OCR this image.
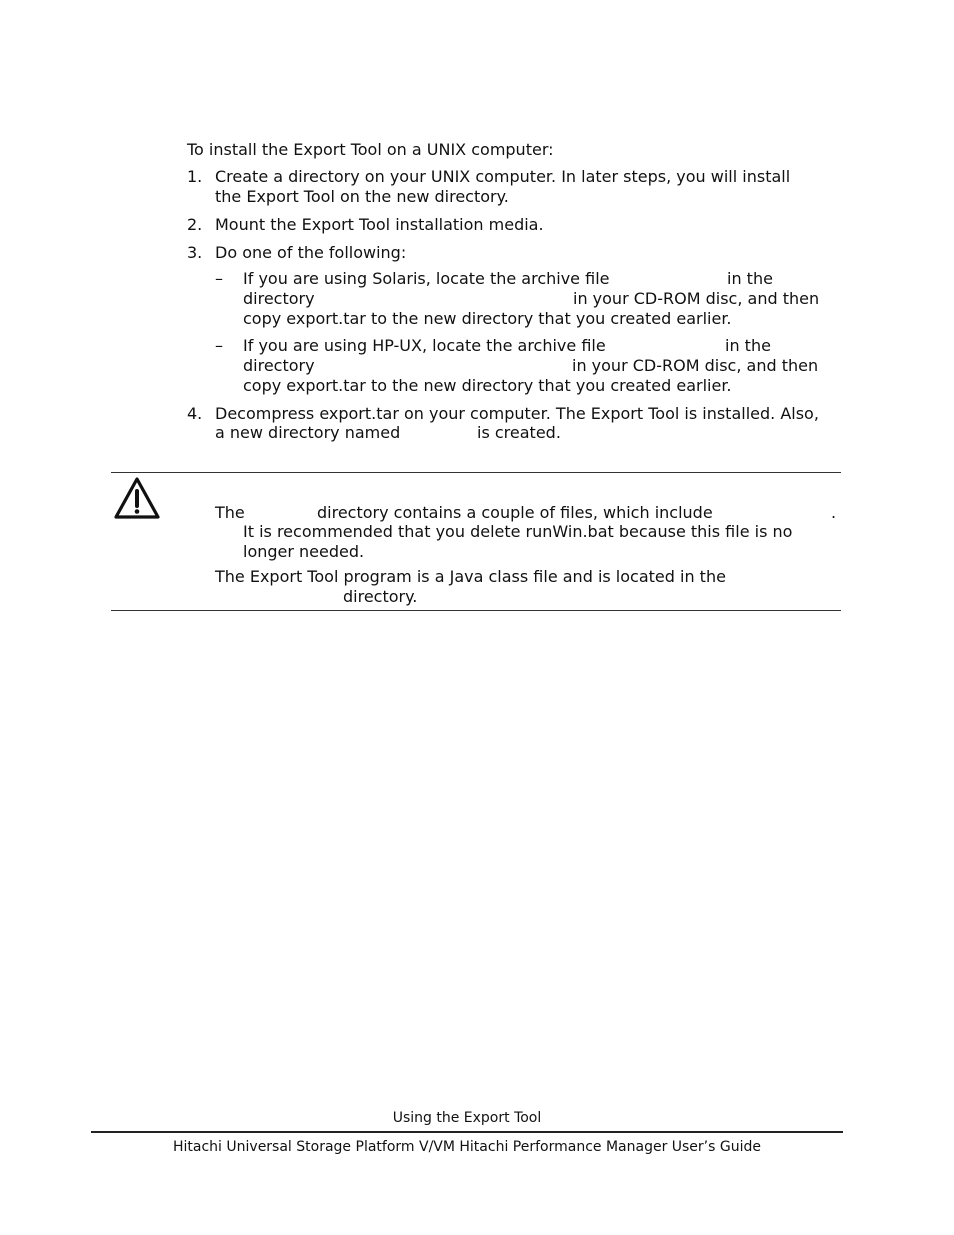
To install the Export Tool on a UNIX computer:

1. Create a directory on your UNIX computer. In later steps, you will install

the Export Tool on the new directory.

2. Mount the Export Tool installation media.

3. Do one of the following:

– If you are using Solaris, locate the archive file	in the

directory	in your CD-ROM disc, and then

copy export.tar to the new directory that you created earlier.

– If you are using HP-UX, locate the archive file	in the

directory	in your CD-ROM disc, and then

copy export.tar to the new directory that you created earlier.

4. Decompress export.tar on your computer. The Export Tool is installed. Also,

a new directory named	is created.

The	directory contains a couple of files, which include	.

It is recommended that you delete runWin.bat because this file is no

longer needed.

The Export Tool program is a Java class file and is located in the

directory.

Using the Export Tool
Hitachi Universal Storage Platform V/VM Hitachi Performance Manager User’s Guide
